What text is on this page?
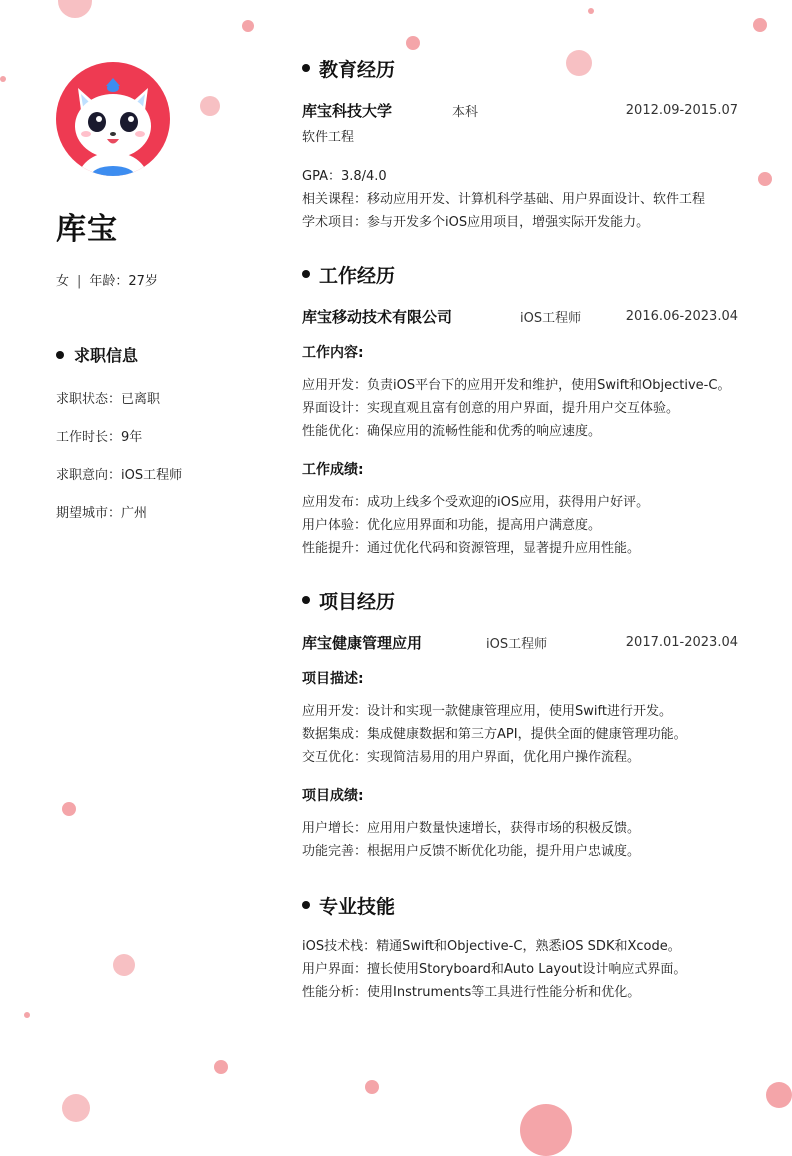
库宝
女 | 年龄：27岁
求职信息
求职状态：已离职
工作时长：9年
求职意向：iOS工程师
期望城市：广州
教育经历
库宝科技大学	本科	2012.09-2015.07
软件工程
GPA：3.8/4.0
相关课程：移动应用开发、计算机科学基础、用户界面设计、软件工程
学术项目：参与开发多个iOS应用项目，增强实际开发能力。
工作经历
库宝移动技术有限公司	iOS工程师	2016.06-2023.04
工作内容:
应用开发：负责iOS平台下的应用开发和维护，使用Swift和Objective-C。
界面设计：实现直观且富有创意的用户界面，提升用户交互体验。
性能优化：确保应用的流畅性能和优秀的响应速度。
工作成绩:
应用发布：成功上线多个受欢迎的iOS应用，获得用户好评。
用户体验：优化应用界面和功能，提高用户满意度。
性能提升：通过优化代码和资源管理，显著提升应用性能。
项目经历
库宝健康管理应用	iOS工程师	2017.01-2023.04
项目描述:
应用开发：设计和实现一款健康管理应用，使用Swift进行开发。
数据集成：集成健康数据和第三方API，提供全面的健康管理功能。
交互优化：实现简洁易用的用户界面，优化用户操作流程。
项目成绩:
用户增长：应用用户数量快速增长，获得市场的积极反馈。
功能完善：根据用户反馈不断优化功能，提升用户忠诚度。
专业技能
iOS技术栈：精通Swift和Objective-C，熟悉iOS SDK和Xcode。
用户界面：擅长使用Storyboard和Auto Layout设计响应式界面。
性能分析：使用Instruments等工具进行性能分析和优化。
